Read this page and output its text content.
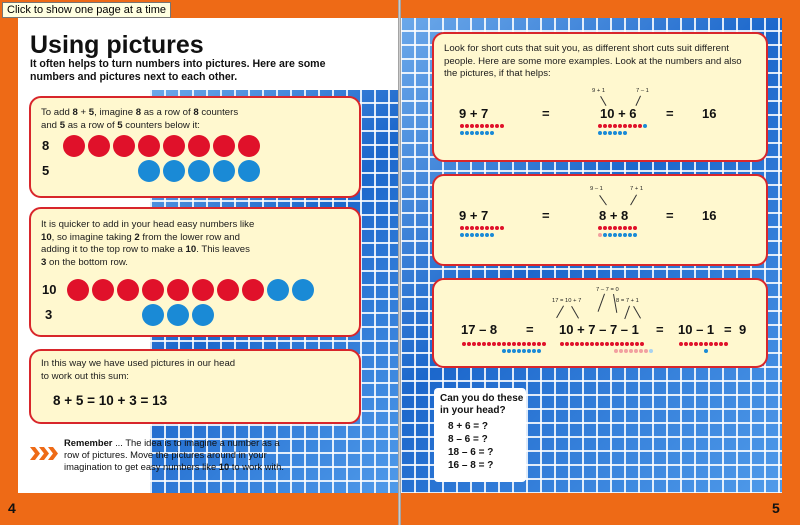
Using pictures
It often helps to turn numbers into pictures. Here are some numbers and pictures next to each other.
To add 8 + 5, imagine 8 as a row of 8 counters and 5 as a row of 5 counters below it:
8
5
It is quicker to add in your head easy numbers like 10, so imagine taking 2 from the lower row and adding it to the top row to make a 10. This leaves 3 on the bottom row.
10
3
In this way we have used pictures in our head to work out this sum:
8 + 5 = 10 + 3 = 13
Remember ... The idea is to imagine a number as a row of pictures. Move the pictures around in your imagination to get easy numbers like 10 to work with.
4
Look for short cuts that suit you, as different short cuts suit different people. Here are some more examples. Look at the numbers and also the pictures, if that helps:
9 + 7	=	10 + 6 = 16
9 + 1	7 – 1
9 + 7	=	8 + 8	= 16
9 – 1	7 + 1
17 – 8 = 10 + 7 – 7 – 1 = 10 – 1 = 9
7 – 7 = 0
17 = 10 + 7	8 = 7 + 1
Can you do these in your head?
8 + 6 = ?
8 – 6 = ?
18 – 6 = ?
16 – 8 = ?
5
Click to show one page at a time
